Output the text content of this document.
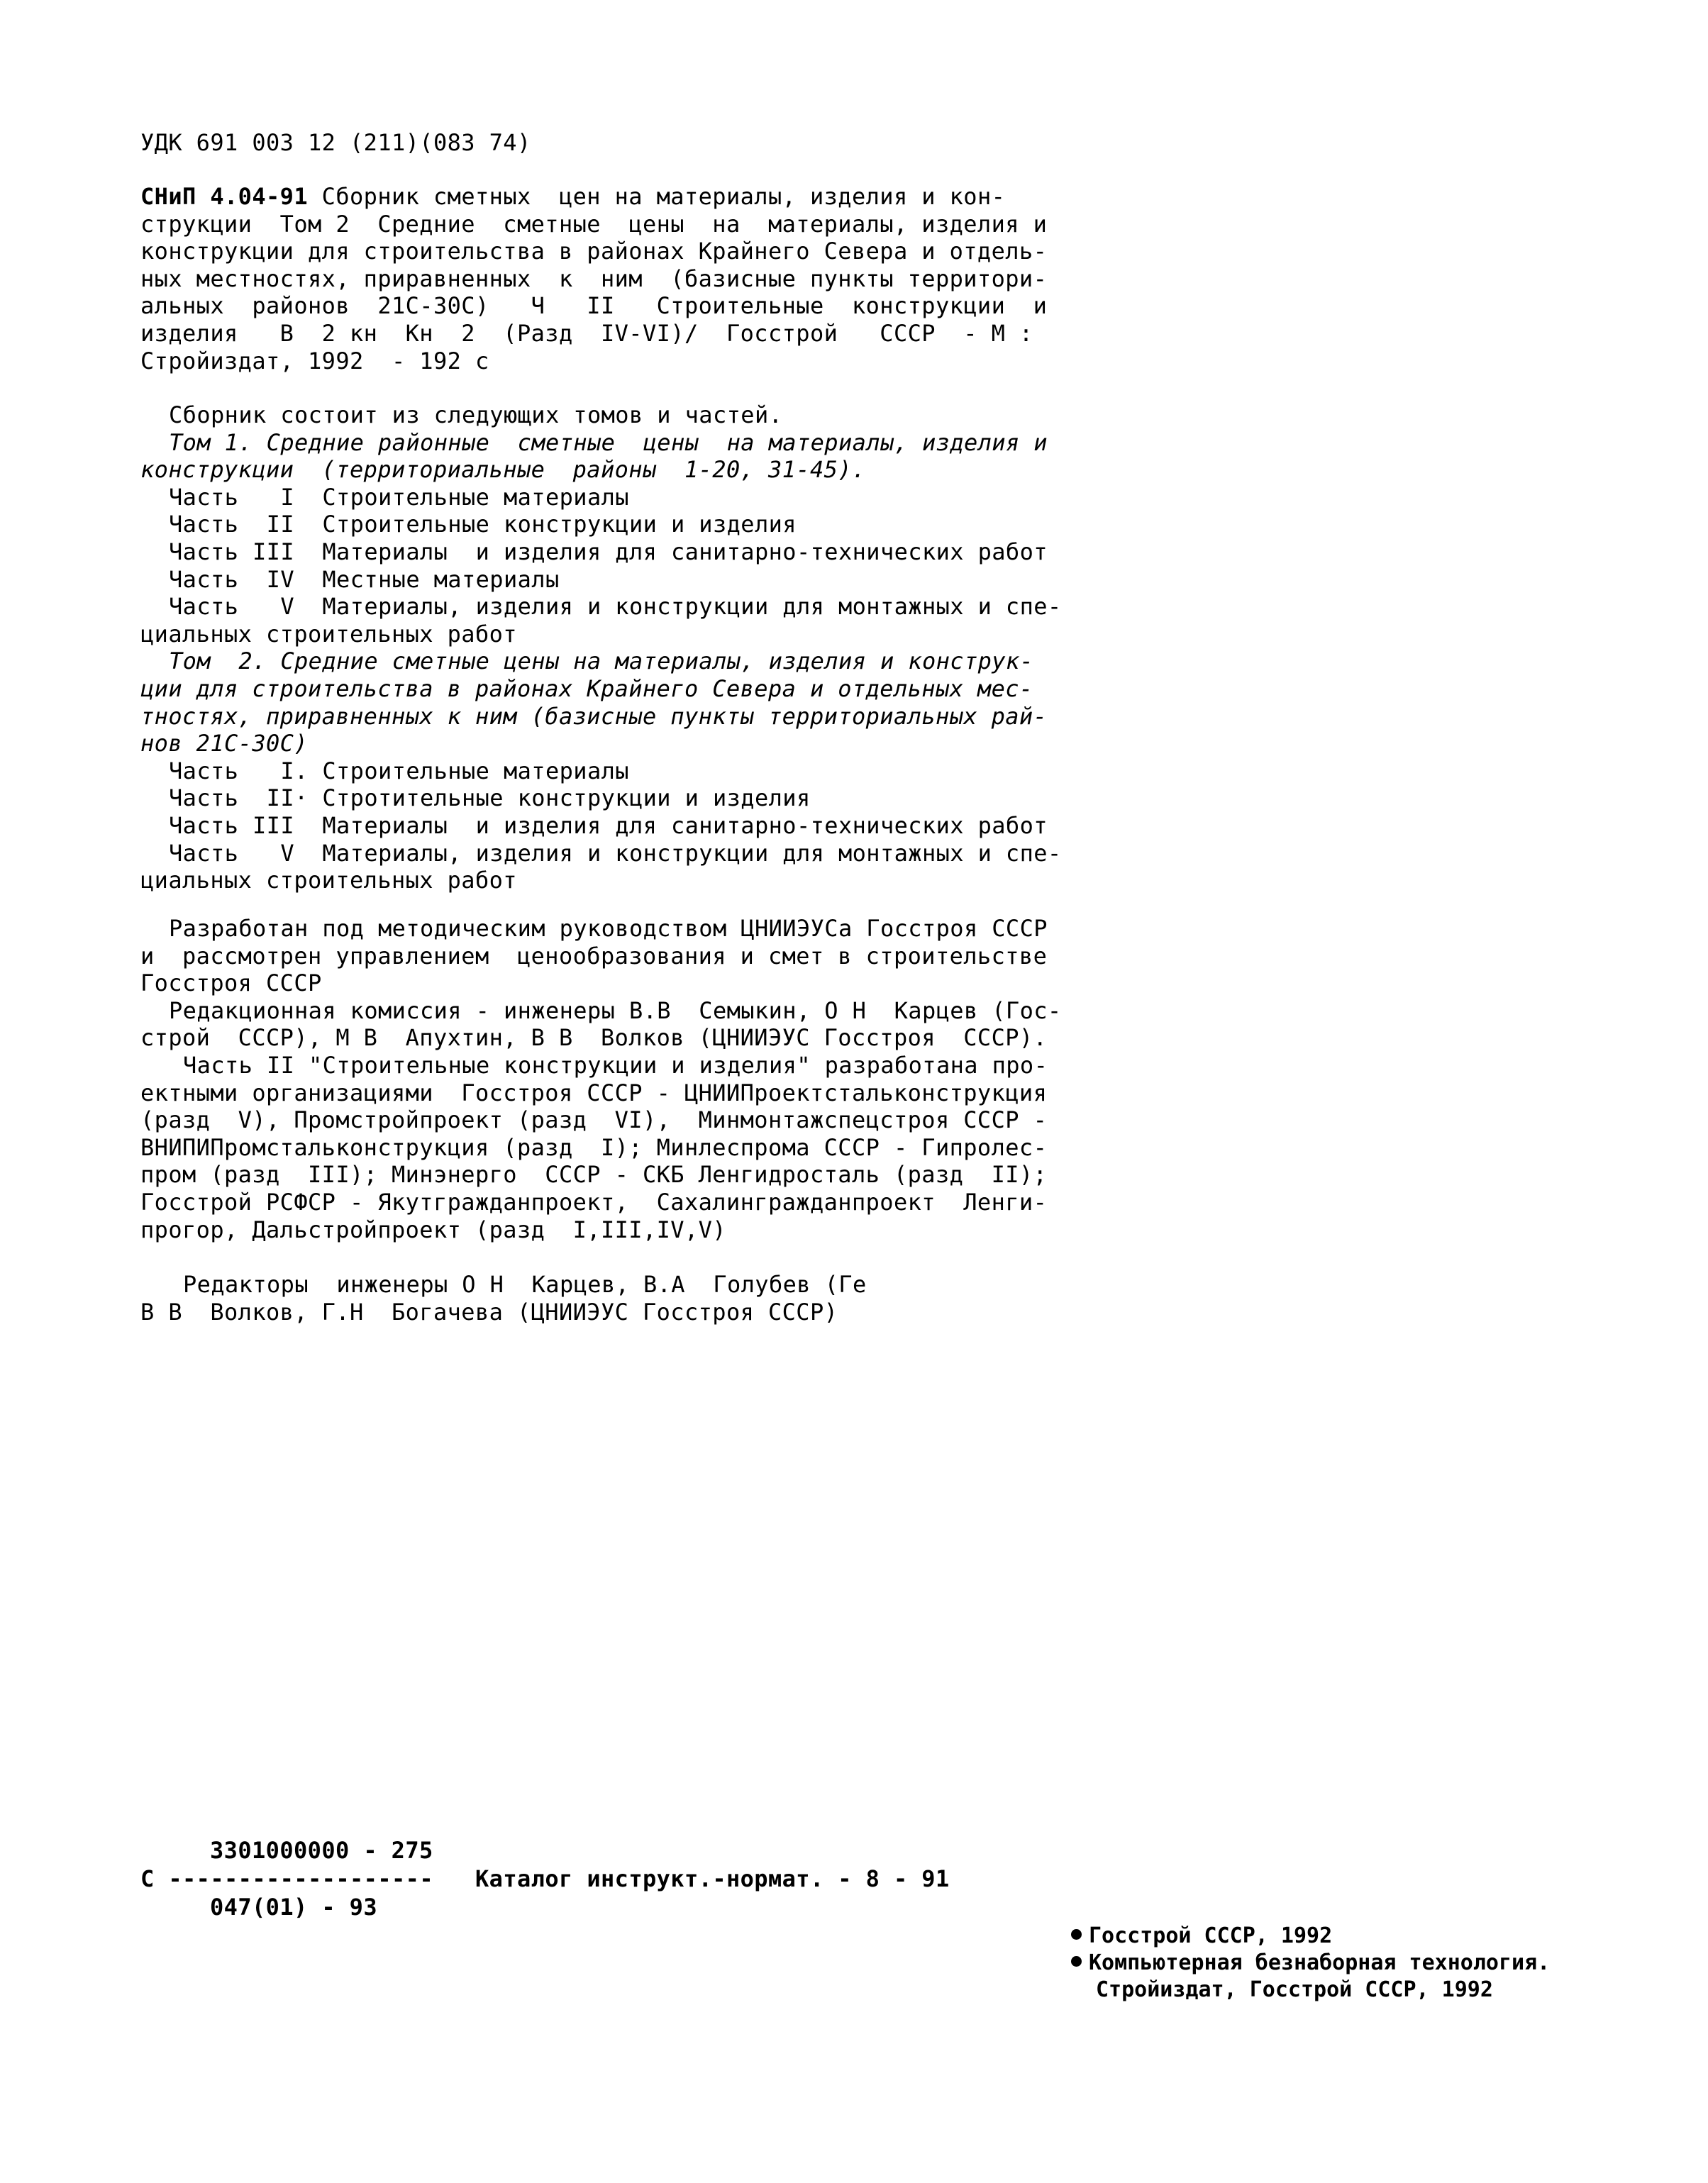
УДК 691 003 12 (211)(083 74)
СНиП 4.04-91 Сборник сметных  цен на материалы, изделия и кон-
струкции  Том 2  Средние  сметные  цены  на  материалы, изделия и
конструкции для строительства в районах Крайнего Севера и отдель-
ных местностях, приравненных  к  ним  (базисные пункты территори-
альных  районов  21С-30С)   Ч   II   Строительные  конструкции  и
изделия   В  2 кн  Кн  2  (Разд  IV-VI)/  Госстрой   СССР  - М :
Стройиздат, 1992  - 192 с
Сборник состоит из следующих томов и частей.
Том 1. Средние районные  сметные  цены  на материалы, изделия и
конструкции  (территориальные  районы  1-20, 31-45).
Часть   I  Строительные материалы
Часть  II  Строительные конструкции и изделия
Часть III  Материалы  и изделия для санитарно-технических работ
Часть  IV  Местные материалы
Часть   V  Материалы, изделия и конструкции для монтажных и спе-
циальных строительных работ
Том  2. Средние сметные цены на материалы, изделия и конструк-
ции для строительства в районах Крайнего Севера и отдельных мес-
тностях, приравненных к ним (базисные пункты территориальных рай-
нов 21С-30С)
Часть   I. Строительные материалы
Часть  II· Стротительные конструкции и изделия
Часть III  Материалы  и изделия для санитарно-технических работ
Часть   V  Материалы, изделия и конструкции для монтажных и спе-
циальных строительных работ
Разработан под методическим руководством ЦНИИЭУСа Госстроя СССР
и  рассмотрен управлением  ценообразования и смет в строительстве
Госстроя СССР
Редакционная комиссия - инженеры В.В  Семыкин, О Н  Карцев (Гос-
строй  СССР), М В  Апухтин, В В  Волков (ЦНИИЭУС Госстроя  СССР).
Часть II "Строительные конструкции и изделия" разработана про-
ектными организациями  Госстроя СССР - ЦНИИПроектстальконструкция
(разд  V), Промстройпроект (разд  VI),  Минмонтажспецстроя СССР -
ВНИПИПромстальконструкция (разд  I); Минлеспрома СССР - Гипролес-
пром (разд  III); Минэнерго  СССР - СКБ Ленгидросталь (разд  II);
Госстрой РСФСР - Якутгражданпроект,  Сахалингражданпроект  Ленги-
прогор, Дальстройпроект (разд  I,III,IV,V)
Редакторы  инженеры О Н  Карцев, В.А  Голубев (Ге
В В  Волков, Г.Н  Богачева (ЦНИИЭУС Госстроя СССР)
3301000000 - 275
С ------------------- Каталог инструкт.-нормат. - 8 - 91
047(01) - 93
Госстрой СССР, 1992
Компьютерная безнаборная технология.
Стройиздат, Госстрой СССР, 1992
